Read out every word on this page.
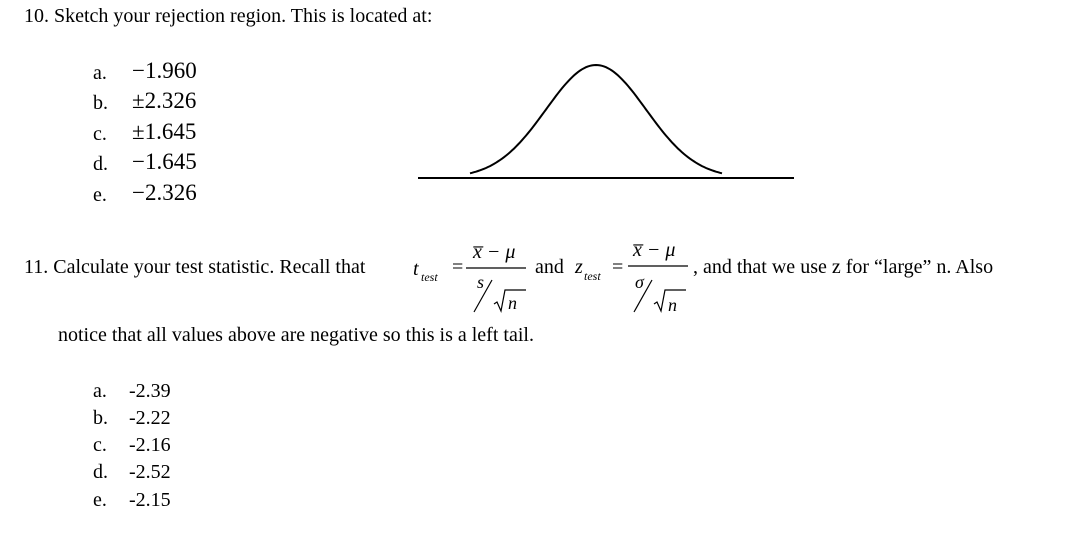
10. Sketch your rejection region. This is located at:
a. −1.960
b. ±2.326
c. ±1.645
d. −1.645
e. −2.326
11. Calculate your test statistic. Recall that t test =
x̅ − μ
s
n
and z test =
x̅ − μ
σ
n
, and that we use z for “large” n. Also
notice that all values above are negative so this is a left tail.
a. -2.39
b. -2.22
c. -2.16
d. -2.52
e. -2.15
